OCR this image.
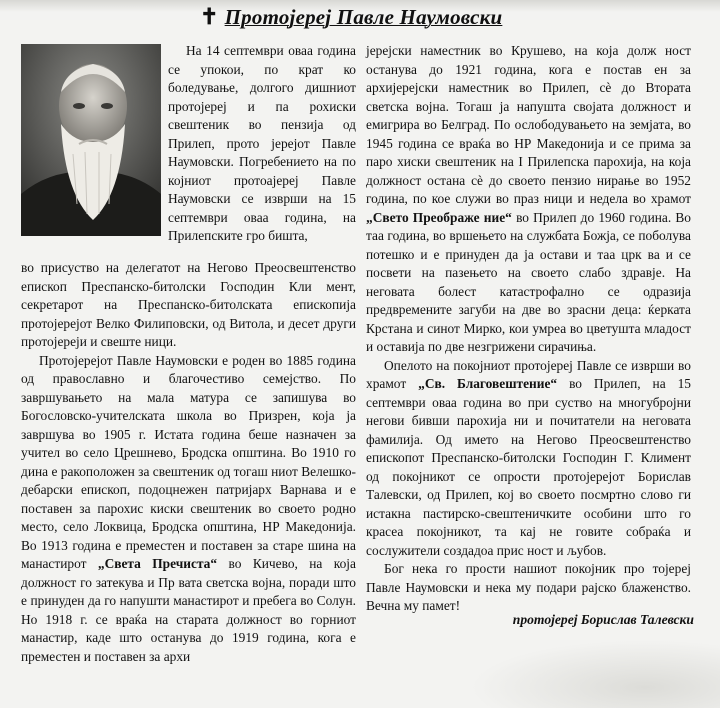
✝ Протојереј Павле Наумовски

На 14 септември оваа година се упокои, по крат ко боледување, долгого дишниот протојереј и па рохиски свештеник во пензија од Прилеп, прото јерејот Павле Наумовски. Погребението на по којниот протоаjереј Павле Наумовски се изврши на 15 септември оваа година, на Прилепските гро биштa,

во присуство на делегатот на Негово Преосвештенство епископ Преспанско-битолски Господин Кли мент, секретарот на Преспанско-битолската епископија протојереjот Велко Филиповски, од Витола, и десет други протојереји и свеште ници.

Протојерејот Павле Наумовски е роден во 1885 година од православно и благочестиво семејство. По завршувањето на мала матура се запишува во Богословско-учителската школа во Призрен, која ја завршува во 1905 г. Истата година беше назначен за учител во село Црешнево, Бродска општина. Во 1910 го дина е ракоположен за свештеник од тогаш ниот Велешко-дебарски епископ, подоцнежен патријарх Варнава и е поставен за парохис киски свештеник во своето родно место, село Локвица, Бродска општина, НР Македонија. Во 1913 година е преместен и поставен за старе шина на манастирот „Света Пречиста“ во Кичево, на која должност го затекува и Пр вата светска војна, поради што е принуден да го напушти манастирот и пребега во Солун. Но 1918 г. се враќа на старата должност во горниот манастир, каде што останува до 1919 година, кога е преместен и поставен за архи

јерејски наместник во Крушево, на која долж ност останува до 1921 година, кога е постав ен за архијерејски наместник во Прилеп, сè до Втората светска војна. Тогаш ја напушта својата должност и емигрира во Белград. По ослободувањето на земјата, во 1945 година се враќа во НР Македонија и се прима за паро хиски свештеник на I Прилепска парохија, на која должност остана сè до своето пензио нирање во 1952 година, по кое служи во праз ници и недела во храмот „Свето Преображе ние“ во Прилеп до 1960 година. Во таа година, во вршењето на службата Божја, се поболува потешко и е принуден да ја остави и таа црк ва и се посвети на пазењето на своето слабо здравје. На неговата болест катастрофално се одразија предвремените загуби на две во зрасни деца: ќерката Крстана и синот Мирко, кои умреа во цветушта младост и оставија по две незгрижени сирачиња.

Опелото на покојниот протојереј Павле се изврши во храмот „Св. Благовештение“ во Прилеп, на 15 септември оваа година во при суство на многубројни негови бивши парохија ни и почитатели на неговата фамилија. Од името на Негово Преосвештенство епископот Преспанско-битолски Господин Г. Климент од покојникот се опрости протојерејот Борислав Талевски, од Прилеп, кој во своето посмртно слово ги истакна пастирско-свештеничките особини што го красеа покојникот, та кај не говите собраќа и сослужители создадоа прис ност и љубов.

Бог нека го прости нашиот покојник про тојереј Павле Наумовски и нека му подари рајско блаженство. Вечна му памет!

протојереј Борислав Талевски
